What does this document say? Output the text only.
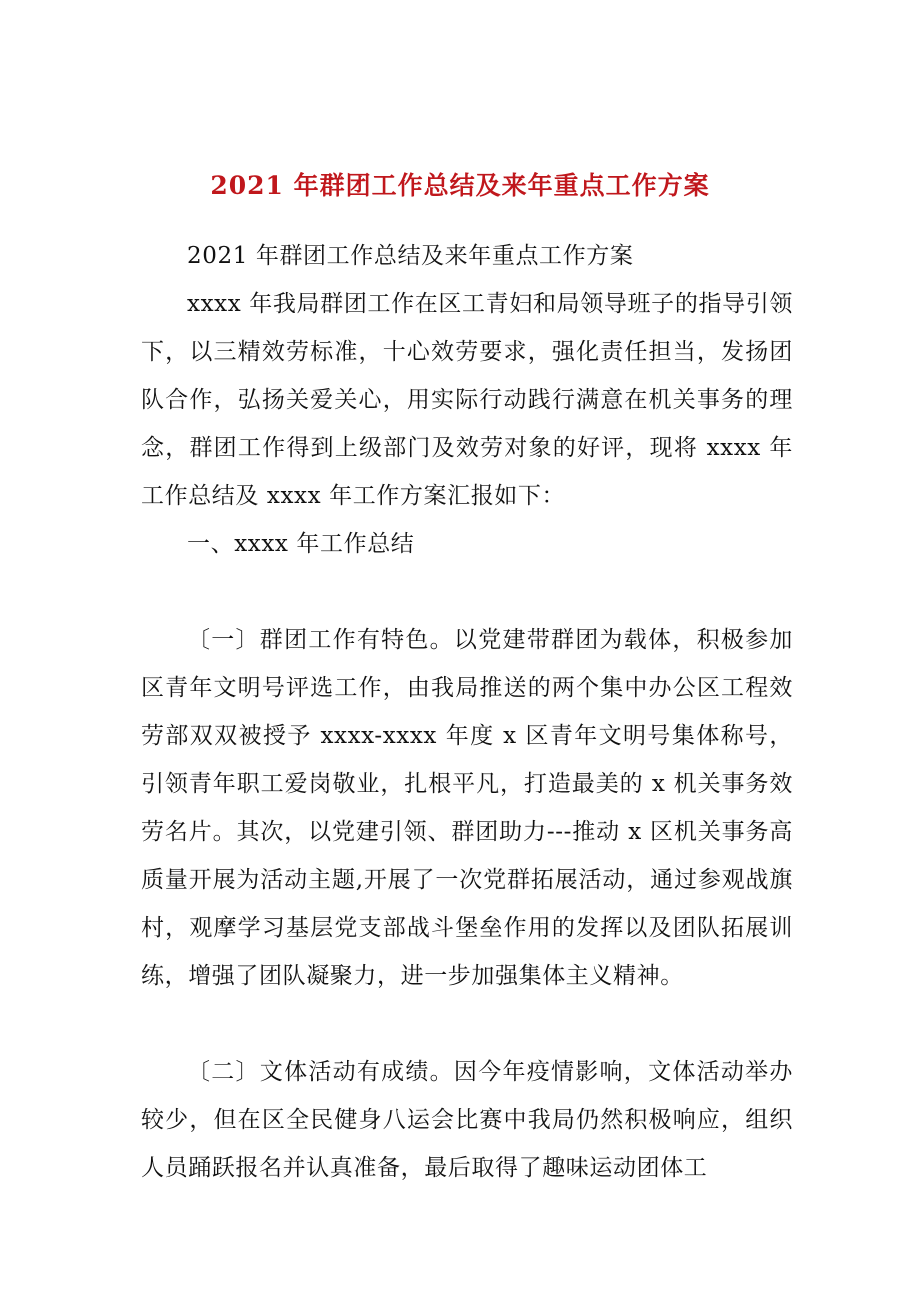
2021 年群团工作总结及来年重点工作方案

2021 年群团工作总结及来年重点工作方案

xxxx 年我局群团工作在区工青妇和局领导班子的指导引领下，以三精效劳标准，十心效劳要求，强化责任担当，发扬团队合作，弘扬关爱关心，用实际行动践行满意在机关事务的理念，群团工作得到上级部门及效劳对象的好评，现将 xxxx 年工作总结及 xxxx 年工作方案汇报如下：

一、xxxx 年工作总结

〔一〕群团工作有特色。以党建带群团为载体，积极参加区青年文明号评选工作，由我局推送的两个集中办公区工程效劳部双双被授予 xxxx-xxxx 年度 x 区青年文明号集体称号，引领青年职工爱岗敬业，扎根平凡，打造最美的 x 机关事务效劳名片。其次，以党建引领、群团助力---推动 x 区机关事务高质量开展为活动主题,开展了一次党群拓展活动，通过参观战旗村，观摩学习基层党支部战斗堡垒作用的发挥以及团队拓展训练，增强了团队凝聚力，进一步加强集体主义精神。

〔二〕文体活动有成绩。因今年疫情影响，文体活动举办较少，但在区全民健身八运会比赛中我局仍然积极响应，组织人员踊跃报名并认真准备，最后取得了趣味运动团体工
